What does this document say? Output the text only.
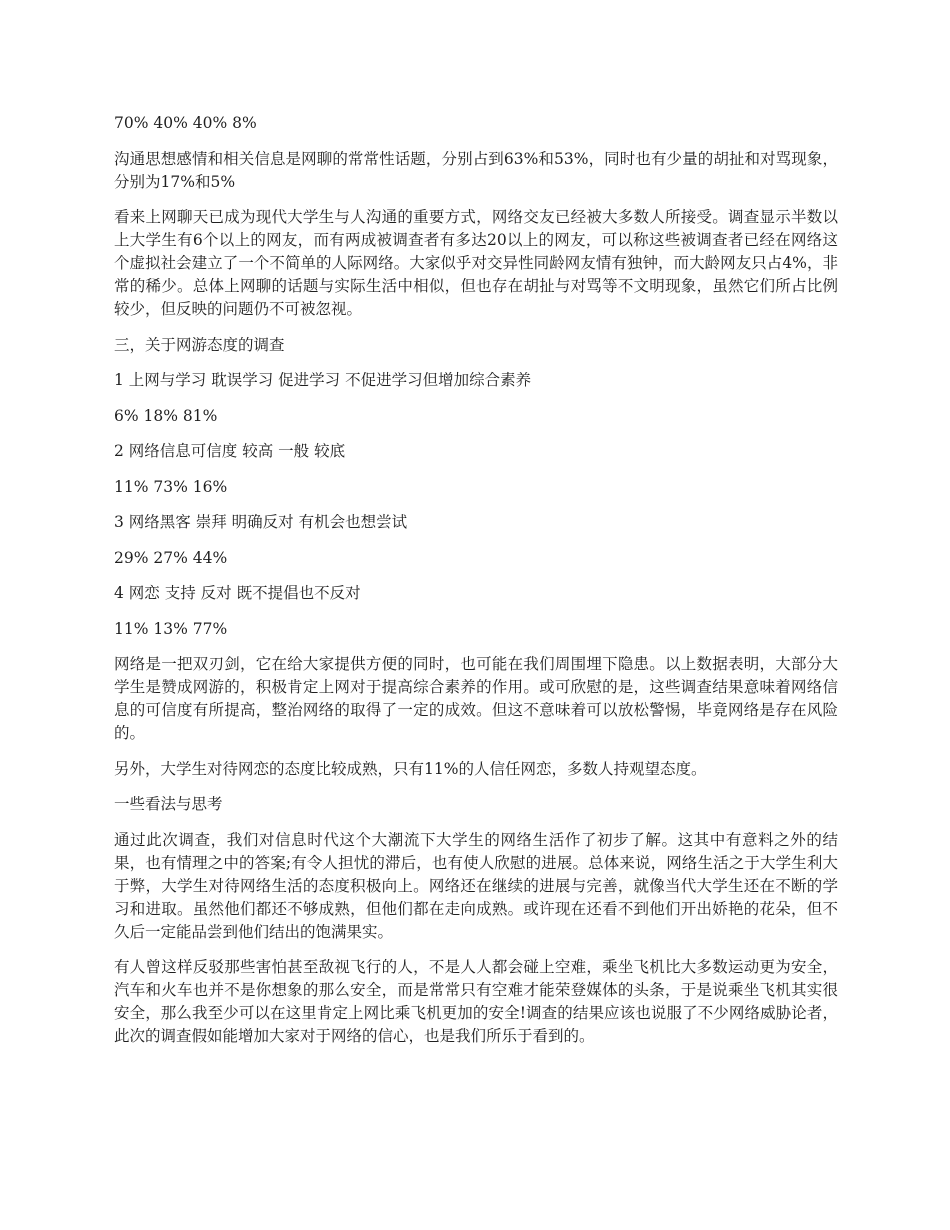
70% 40% 40% 8%

沟通思想感情和相关信息是网聊的常常性话题，分别占到63%和53%，同时也有少量的胡扯和对骂现象，分别为17%和5%

看来上网聊天已成为现代大学生与人沟通的重要方式，网络交友已经被大多数人所接受。调查显示半数以上大学生有6个以上的网友，而有两成被调查者有多达20以上的网友，可以称这些被调查者已经在网络这个虚拟社会建立了一个不简单的人际网络。大家似乎对交异性同龄网友情有独钟，而大龄网友只占4%，非常的稀少。总体上网聊的话题与实际生活中相似，但也存在胡扯与对骂等不文明现象，虽然它们所占比例较少，但反映的问题仍不可被忽视。

三，关于网游态度的调查

1 上网与学习 耽误学习 促进学习 不促进学习但增加综合素养

6% 18% 81%

2 网络信息可信度 较高 一般 较底

11% 73% 16%

3 网络黑客 崇拜 明确反对 有机会也想尝试

29% 27% 44%

4 网恋 支持 反对 既不提倡也不反对

11% 13% 77%

网络是一把双刃剑，它在给大家提供方便的同时，也可能在我们周围埋下隐患。以上数据表明，大部分大学生是赞成网游的，积极肯定上网对于提高综合素养的作用。或可欣慰的是，这些调查结果意味着网络信息的可信度有所提高，整治网络的取得了一定的成效。但这不意味着可以放松警惕，毕竟网络是存在风险的。

另外，大学生对待网恋的态度比较成熟，只有11%的人信任网恋，多数人持观望态度。

一些看法与思考

通过此次调查，我们对信息时代这个大潮流下大学生的网络生活作了初步了解。这其中有意料之外的结果，也有情理之中的答案;有令人担忧的滞后，也有使人欣慰的进展。总体来说，网络生活之于大学生利大于弊，大学生对待网络生活的态度积极向上。网络还在继续的进展与完善，就像当代大学生还在不断的学习和进取。虽然他们都还不够成熟，但他们都在走向成熟。或许现在还看不到他们开出娇艳的花朵，但不久后一定能品尝到他们结出的饱满果实。

有人曾这样反驳那些害怕甚至敌视飞行的人，不是人人都会碰上空难，乘坐飞机比大多数运动更为安全，汽车和火车也并不是你想象的那么安全，而是常常只有空难才能荣登媒体的头条，于是说乘坐飞机其实很安全，那么我至少可以在这里肯定上网比乘飞机更加的安全!调查的结果应该也说服了不少网络威胁论者，此次的调查假如能增加大家对于网络的信心，也是我们所乐于看到的。
